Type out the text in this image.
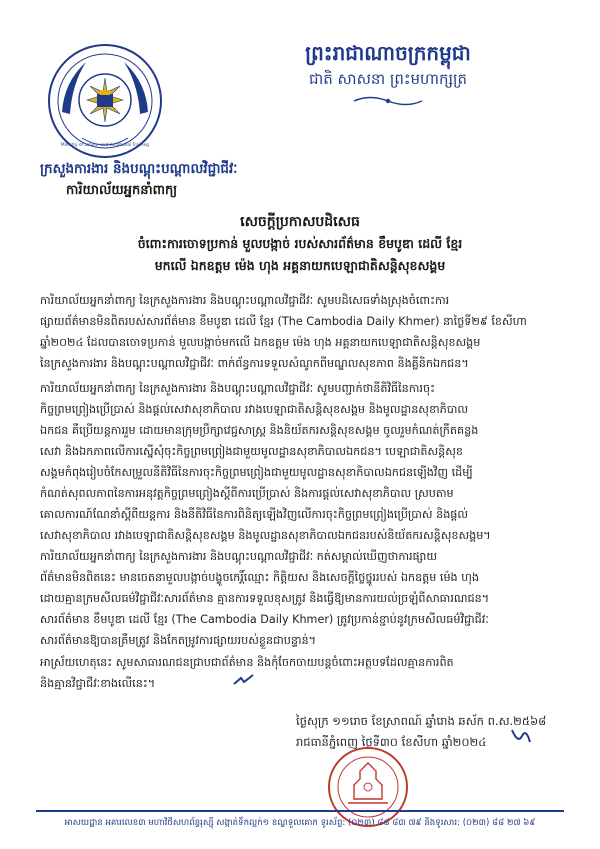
ព្រះរាជាណាចក្រកម្ពុជា
ជាតិ សាសនា ព្រះមហាក្សត្រ
Ministry of Labour and Vocational Training
ក្រសួងការងារ និងបណ្តុះបណ្តាលវិជ្ជាជីវៈ
ការិយាល័យអ្នកនាំពាក្យ
សេចក្តីប្រកាសបដិសេធ
ចំពោះការចោទប្រកាន់ មួលបង្កាច់ របស់សារព័ត៌មាន ខឹមបូឌា ដេលី ខ្មែរ
មកលើ ឯកឧត្តម ម៉េង ហុង អគ្គនាយកបេឡាជាតិសន្តិសុខសង្គម
ការិយាល័យអ្នកនាំពាក្យ នៃក្រសួងការងារ និងបណ្តុះបណ្តាលវិជ្ជាជីវៈ សូមបដិសេធទាំងស្រុងចំពោះការ
ផ្សាយព័ត៌មានមិនពិតរបស់សារព័ត៌មាន ខឹមបូឌា ដេលី ខ្មែរ (The Cambodia Daily Khmer) នាថ្ងៃទី២៩ ខែសីហា
ឆ្នាំ២០២៤ ដែលបានចោទប្រកាន់ មួលបង្កាច់មកលើ ឯកឧត្តម ម៉េង ហុង អគ្គនាយកបេឡាជាតិសន្តិសុខសង្គម
នៃក្រសួងការងារ និងបណ្តុះបណ្តាលវិជ្ជាជីវៈ ពាក់ព័ន្ធការទទួលសំណូកពីមណ្ឌលសុខភាព និងគ្លីនិកឯកជន។
ការិយាល័យអ្នកនាំពាក្យ នៃក្រសួងការងារ និងបណ្តុះបណ្តាលវិជ្ជាជីវៈ សូមបញ្ជាក់ថានីតិវិធីនៃការចុះ
កិច្ចព្រមព្រៀងប្រើប្រាស់ និងផ្តល់សេវាសុខាភិបាល រវាងបេឡាជាតិសន្តិសុខសង្គម និងមូលដ្ឋានសុខាភិបាល
ឯកជន គឺប្រើយន្តការរួម ដោយមានក្រុមប្រឹក្សាវេជ្ជសាស្ត្រ និងនិយ័តករសន្តិសុខសង្គម ចូលរួមកំណត់ក្រឹតគន្លង
សេវា និងឯកភាពលើការស្នើសុំចុះកិច្ចព្រមព្រៀងជាមួយមូលដ្ឋានសុខាភិបាលឯកជន។ បេឡាជាតិសន្តិសុខ
សង្គមកំពុងរៀបចំកែសម្រួលនីតិវិធីនៃការចុះកិច្ចព្រមព្រៀងជាមួយមូលដ្ឋានសុខាភិបាលឯកជនឡើងវិញ ដើម្បី
កំណត់សុពលភាពនៃការអនុវត្តកិច្ចព្រមព្រៀងស្តីពីការប្រើប្រាស់ និងការផ្តល់សេវាសុខាភិបាល ស្របតាម
គោលការណ៍ណែនាំស្តីពីយន្តការ និងនីតិវិធីនៃការពិនិត្យឡើងវិញលើការចុះកិច្ចព្រមព្រៀងប្រើប្រាស់ និងផ្តល់
សេវាសុខាភិបាល រវាងបេឡាជាតិសន្តិសុខសង្គម និងមូលដ្ឋានសុខាភិបាលឯកជនរបស់និយ័តករសន្តិសុខសង្គម។
ការិយាល័យអ្នកនាំពាក្យ នៃក្រសួងការងារ និងបណ្តុះបណ្តាលវិជ្ជាជីវៈ កត់សម្គាល់ឃើញថាការផ្សាយ
ព័ត៌មានមិនពិតនេះ មានចេតនាមួលបង្កាច់បង្ខូចកេរ្តិ៍ឈ្មោះ កិត្តិយស និងសេចក្តីថ្លៃថ្នូររបស់ ឯកឧត្តម ម៉េង ហុង
ដោយគ្មានក្រមសីលធម៌វិជ្ជាជីវៈសារព័ត៌មាន គ្មានការទទួលខុសត្រូវ និងធ្វើឱ្យមានការយល់ច្រឡំពីសាធារណជន។
សារព័ត៌មាន ខឹមបូឌា ដេលី ខ្មែរ (The Cambodia Daily Khmer) ត្រូវប្រកាន់ខ្ជាប់នូវក្រមសីលធម៌វិជ្ជាជីវៈ
សារព័ត៌មានឱ្យបានត្រឹមត្រូវ និងកែតម្រូវការផ្សាយរបស់ខ្លួនជាបន្ទាន់។
អាស្រ័យហេតុនេះ សូមសាធារណជនជ្រាបជាព័ត៌មាន និងកុំចែកចាយបន្តចំពោះអត្ថបទដែលគ្មានការពិត
និងគ្មានវិជ្ជាជីវៈខាងលើនេះ។
ថ្ងៃសុក្រ ១១រោច ខែស្រាពណ៍ ឆ្នាំរោង ឆស័ក ព.ស.២៥៦៨
រាជធានីភ្នំពេញ ថ្ងៃទី៣០ ខែសីហា ឆ្នាំ២០២៤
អាសយដ្ឋាន អគារលេខ៣ មហាវិថីសហព័ន្ធរុស្ស៊ី សង្កាត់ទឹកល្អក់១ ខណ្ឌទួលគោក ទូរស័ព្ទ: (០២៣) ៨៨ ៨៣ ៧៩ និងទូរសារ: (០២៣) ៨៨ ២៧ ៦៩
